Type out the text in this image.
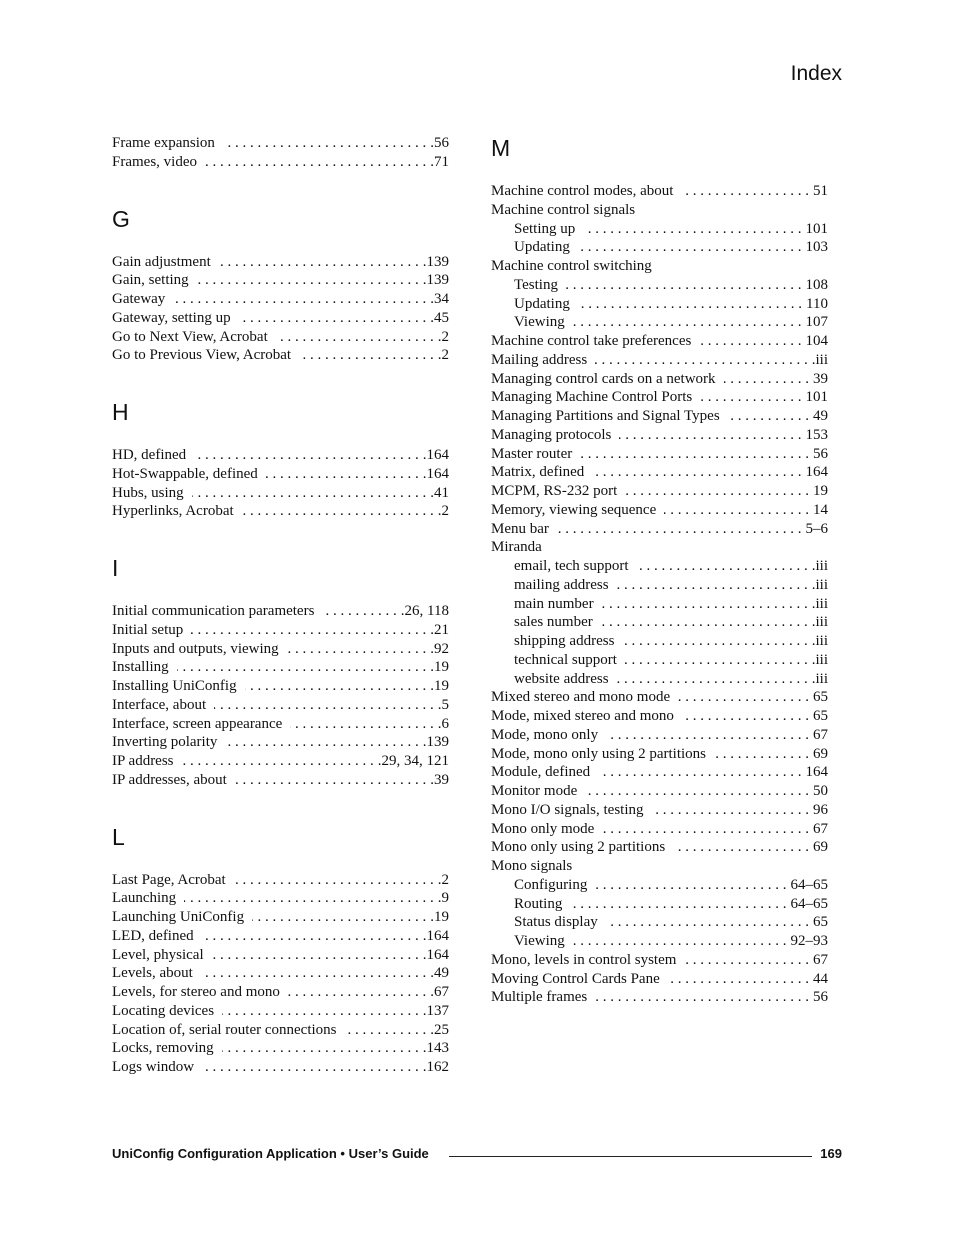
Index
Frame expansion . . .	.56
Frames, video . . .	.71
G
Gain adjustment . . .	.139
Gain, setting . . .	.139
Gateway . . .	.34
Gateway, setting up . . .	.45
Go to Next View, Acrobat . . .	.2
Go to Previous View, Acrobat . . .	.2
H
HD, defined . . .	.164
Hot-Swappable, defined . . .	.164
Hubs, using . . .	.41
Hyperlinks, Acrobat . . .	.2
I
Initial communication parameters . . .	.26, 118
Initial setup . . .	.21
Inputs and outputs, viewing . . .	.92
Installing . . .	.19
Installing UniConfig . . .	.19
Interface, about . . .	.5
Interface, screen appearance . . .	.6
Inverting polarity . . .	.139
IP address . . .	.29, 34, 121
IP addresses, about . . .	.39
L
Last Page, Acrobat . . .	.2
Launching . . .	.9
Launching UniConfig . . .	.19
LED, defined . . .	.164
Level, physical . . .	.164
Levels, about . . .	.49
Levels, for stereo and mono . . .	.67
Locating devices . . .	.137
Location of, serial router connections . . .	.25
Locks, removing . . .	.143
Logs window . . .	.162
M
Machine control modes, about . . .	51
Machine control signals
Setting up . . .	101
Updating . . .	103
Machine control switching
Testing . . .	108
Updating . . .	110
Viewing . . .	107
Machine control take preferences . . .	104
Mailing address . . .	.iii
Managing control cards on a network . . .	39
Managing Machine Control Ports . . .	101
Managing Partitions and Signal Types . . .	49
Managing protocols . . .	153
Master router . . .	56
Matrix, defined . . .	164
MCPM, RS-232 port . . .	19
Memory, viewing sequence . . .	14
Menu bar . . .	5–6
Miranda
email, tech support . . .	.iii
mailing address . . .	.iii
main number . . .	.iii
sales number . . .	.iii
shipping address . . .	.iii
technical support . . .	.iii
website address . . .	.iii
Mixed stereo and mono mode . . .	65
Mode, mixed stereo and mono . . .	65
Mode, mono only . . .	67
Mode, mono only using 2 partitions . . .	69
Module, defined . . .	164
Monitor mode . . .	50
Mono I/O signals, testing . . .	96
Mono only mode . . .	67
Mono only using 2 partitions . . .	69
Mono signals
Configuring . . .	64–65
Routing . . .	64–65
Status display . . .	65
Viewing . . .	92–93
Mono, levels in control system . . .	67
Moving Control Cards Pane . . .	44
Multiple frames . . .	56
UniConfig Configuration Application • User’s Guide	169
